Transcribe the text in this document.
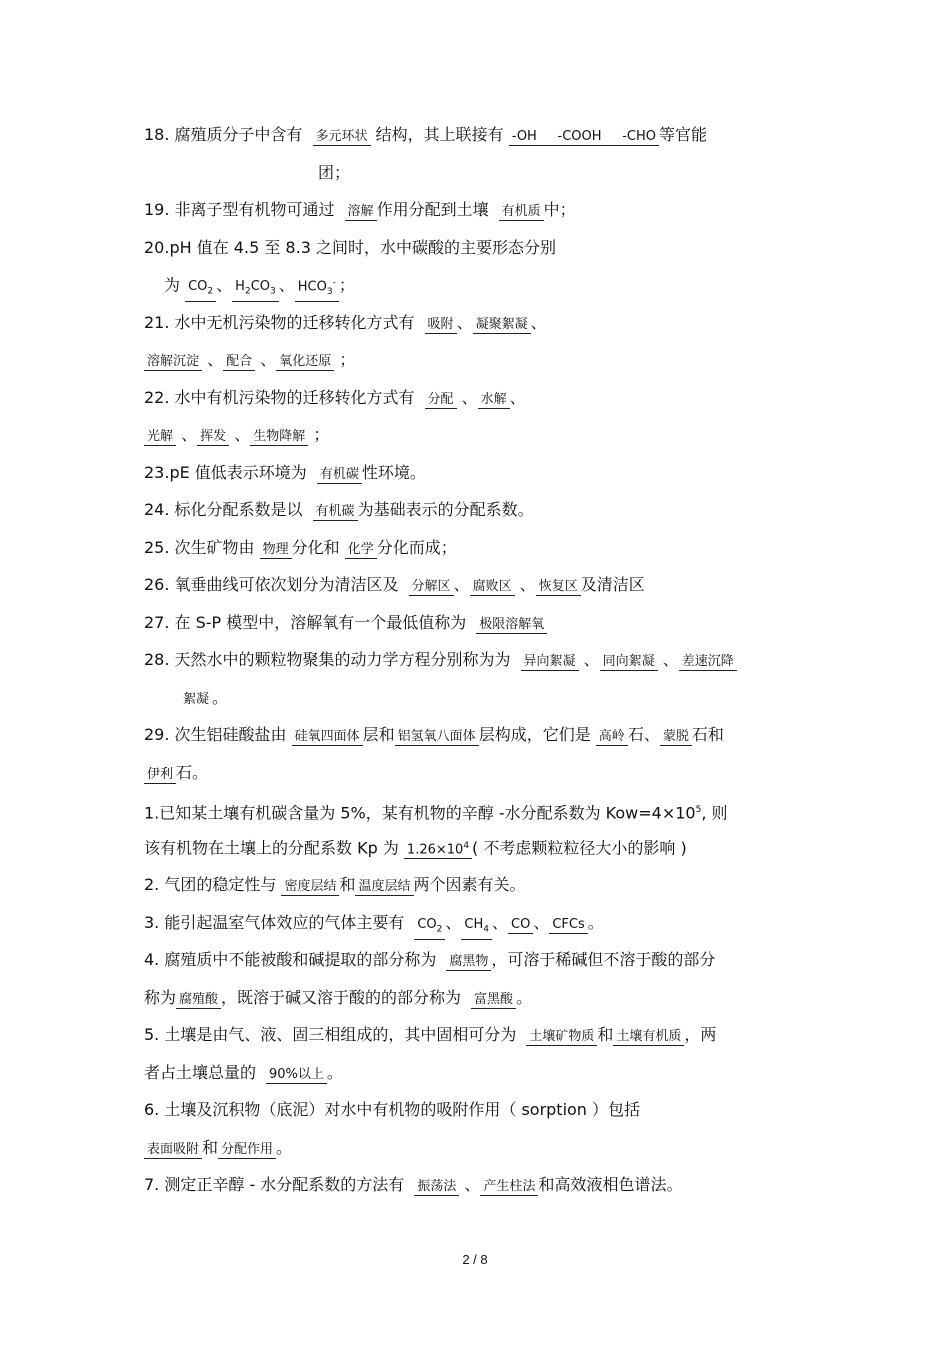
18. 腐殖质分子中含有 多元环状 结构，其上联接有 -OH -COOH -CHO 等官能
团；
19. 非离子型有机物可通过 溶解 作用分配到土壤 有机质 中；
20.pH 值在 4.5 至 8.3 之间时，水中碳酸的主要形态分别
为 $CO_2$ 、 $H_2CO_3$ 、 $HCO_3^-$ ；
21. 水中无机污染物的迁移转化方式有 吸附 、 凝聚絮凝 、
溶解沉淀 、 配合 、 氧化还原 ；
22. 水中有机污染物的迁移转化方式有 分配 、 水解 、
光解 、 挥发 、 生物降解 ；
23.pE 值低表示环境为 有机碳 性环境。
24. 标化分配系数是以 有机碳 为基础表示的分配系数。
25. 次生矿物由 物理 分化和 化学 分化而成；
26. 氧垂曲线可依次划分为清洁区及 分解区 、 腐败区 、 恢复区 及清洁区
27. 在 S-P 模型中，溶解氧有一个最低值称为 极限溶解氧
28. 天然水中的颗粒物聚集的动力学方程分别称为为 异向絮凝 、 同向絮凝 、 差速沉降
絮凝 。
29. 次生铝硅酸盐由 硅氧四面体 层和 铝氢氧八面体 层构成，它们是 高岭 石、 蒙脱 石和
伊利 石。
1.已知某土壤有机碳含量为 5%，某有机物的辛醇 -水分配系数为 $Kow=4\times 10^5$, 则
该有机物在土壤上的分配系数 Kp 为 $1.26\times 10^4$ ( 不考虑颗粒粒径大小的影响 )
2. 气团的稳定性与 密度层结 和 温度层结 两个因素有关。
3. 能引起温室气体效应的气体主要有 $CO_2$ 、 $CH_4$ 、 CO 、 CFCs 。
4. 腐殖质中不能被酸和碱提取的部分称为 腐黑物 ，可溶于稀碱但不溶于酸的部分
称为 腐殖酸 ，既溶于碱又溶于酸的的部分称为 富黑酸 。
5. 土壤是由气、液、固三相组成的，其中固相可分为 土壤矿物质 和 土壤有机质 ，两
者占土壤总量的 90%以上 。
6. 土壤及沉积物（底泥）对水中有机物的吸附作用（ sorption ）包括
表面吸附 和 分配作用 。
7. 测定正辛醇 - 水分配系数的方法有 振荡法 、 产生柱法 和高效液相色谱法。
2 / 8
